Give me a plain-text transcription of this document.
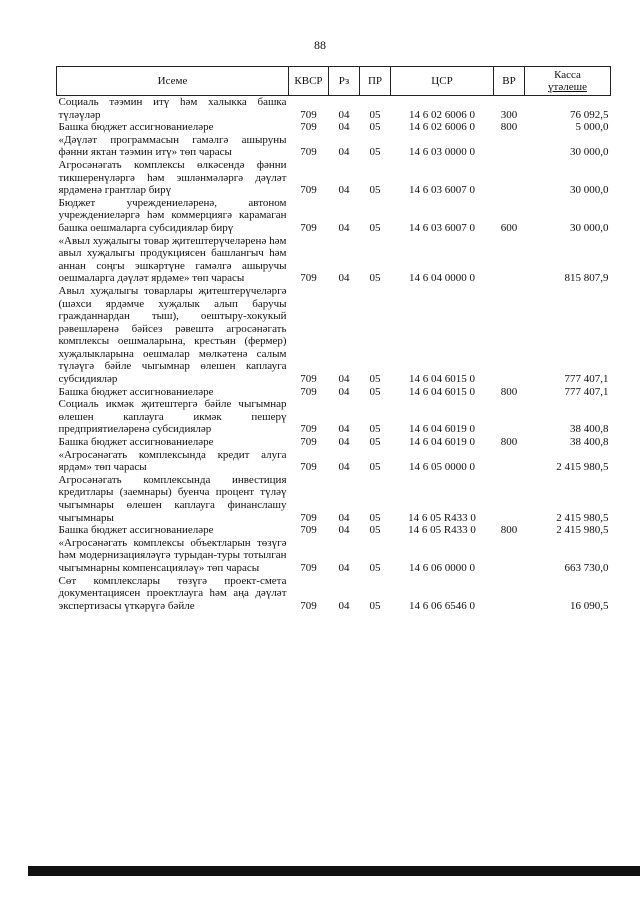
88
Исеме	КВСР	Рз	ПР	ЦСР	ВР	Касса
үтәлеше
Социаль тәэмин итү һәм халыкка башка түләүләр	709	04	05	14 6 02 6006 0	300	76 092,5
Башка бюджет ассигнованиеләре	709	04	05	14 6 02 6006 0	800	5 000,0
«Дәүләт программасын гамәлгә ашыруны фәнни яктан тәэмин итү» төп чарасы	709	04	05	14 6 03 0000 0		30 000,0
Агросәнәгать комплексы өлкәсендә фәнни тикшеренүләргә һәм эшләнмәләргә дәүләт ярдәменә грантлар бирү	709	04	05	14 6 03 6007 0		30 000,0
Бюджет учреждениеләренә, автоном учреждениеләргә һәм коммерциягә карамаган башка оешмаларга субсидияләр бирү	709	04	05	14 6 03 6007 0	600	30 000,0
«Авыл хуҗалыгы товар җитештерүчеләренә һәм авыл хуҗалыгы продукциясен башлангыч һәм аннан соңгы эшкәртүне гамәлгә ашыручы оешмаларга дәүләт ярдәме» төп чарасы	709	04	05	14 6 04 0000 0		815 807,9
Авыл хуҗалыгы товарлары җитештерүчеләргә (шәхси ярдәмче хуҗалык алып баручы гражданнардан тыш), оештыру-хокукый рәвешләренә бәйсез рәвештә агросәнәгать комплексы оешмаларына, крестьян (фермер) хуҗалыкларына оешмалар мөлкәтенә салым түләүгә бәйле чыгымнар өлешен каплауга субсидияләр	709	04	05	14 6 04 6015 0		777 407,1
Башка бюджет ассигнованиеләре	709	04	05	14 6 04 6015 0	800	777 407,1
Социаль икмәк җитештергә бәйле чыгымнар өлешен каплауга икмәк пешерү предприятиеләренә субсидияләр	709	04	05	14 6 04 6019 0		38 400,8
Башка бюджет ассигнованиеләре	709	04	05	14 6 04 6019 0	800	38 400,8
«Агросәнәгать комплексында кредит алуга ярдәм» төп чарасы	709	04	05	14 6 05 0000 0		2 415 980,5
Агросәнәгать комплексында инвестиция кредитлары (заемнары) буенча процент түләү чыгымнары өлешен каплауга финанслашу чыгымнары	709	04	05	14 6 05 R433 0		2 415 980,5
Башка бюджет ассигнованиеләре	709	04	05	14 6 05 R433 0	800	2 415 980,5
«Агросәнәгать комплексы объектларын төзүгә һәм модернизацияләүгә турыдан-туры тотылган чыгымнарны компенсацияләү» төп чарасы	709	04	05	14 6 06 0000 0		663 730,0
Сөт комплекслары төзүгә проект-смета документациясен проектлауга һәм аңа дәүләт экспертизасы үткәрүгә бәйле	709	04	05	14 6 06 6546 0		16 090,5
